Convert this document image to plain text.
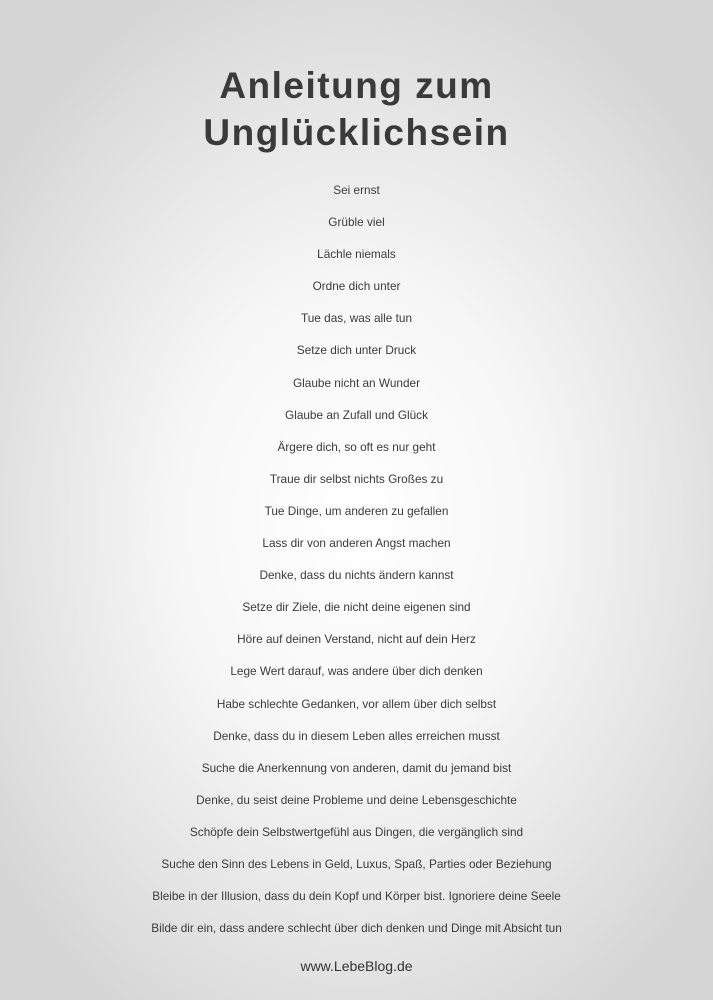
Anleitung zum
Unglücklichsein
Sei ernst
Grüble viel
Lächle niemals
Ordne dich unter
Tue das, was alle tun
Setze dich unter Druck
Glaube nicht an Wunder
Glaube an Zufall und Glück
Ärgere dich, so oft es nur geht
Traue dir selbst nichts Großes zu
Tue Dinge, um anderen zu gefallen
Lass dir von anderen Angst machen
Denke, dass du nichts ändern kannst
Setze dir Ziele, die nicht deine eigenen sind
Höre auf deinen Verstand, nicht auf dein Herz
Lege Wert darauf, was andere über dich denken
Habe schlechte Gedanken, vor allem über dich selbst
Denke, dass du in diesem Leben alles erreichen musst
Suche die Anerkennung von anderen, damit du jemand bist
Denke, du seist deine Probleme und deine Lebensgeschichte
Schöpfe dein Selbstwertgefühl aus Dingen, die vergänglich sind
Suche den Sinn des Lebens in Geld, Luxus, Spaß, Parties oder Beziehung
Bleibe in der Illusion, dass du dein Kopf und Körper bist. Ignoriere deine Seele
Bilde dir ein, dass andere schlecht über dich denken und Dinge mit Absicht tun
www.LebeBlog.de
